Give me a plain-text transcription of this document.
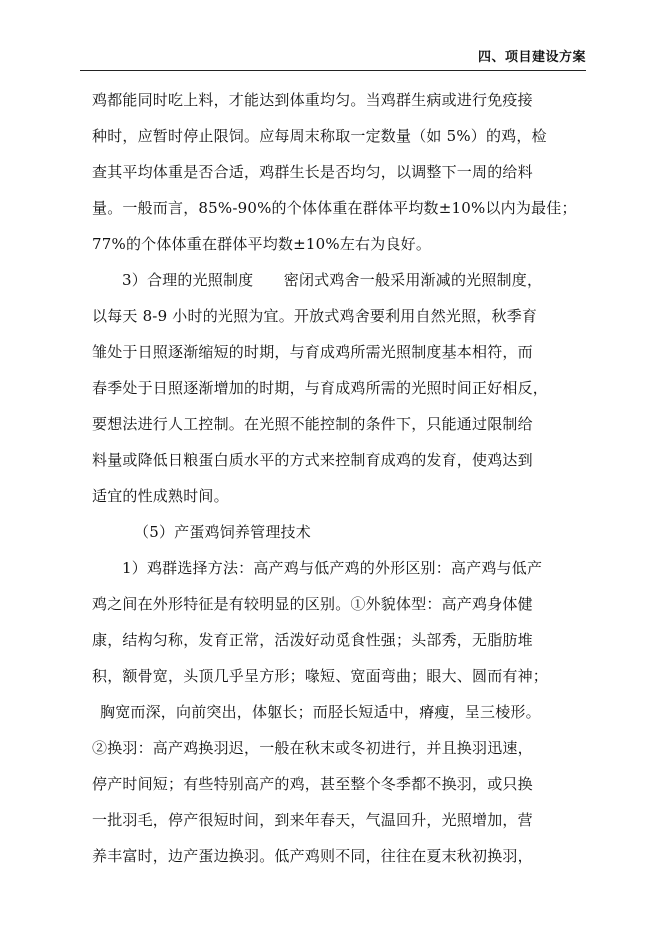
四、项目建设方案
鸡都能同时吃上料，才能达到体重均匀。当鸡群生病或进行免疫接
种时，应暂时停止限饲。应每周末称取一定数量（如 5%）的鸡，检
查其平均体重是否合适，鸡群生长是否均匀，以调整下一周的给料
量。一般而言，85%-90%的个体体重在群体平均数±10%以内为最佳；
77%的个体体重在群体平均数±10%左右为良好。
3）合理的光照制度　　密闭式鸡舍一般采用渐减的光照制度，
以每天 8-9 小时的光照为宜。开放式鸡舍要利用自然光照，秋季育
雏处于日照逐渐缩短的时期，与育成鸡所需光照制度基本相符，而
春季处于日照逐渐增加的时期，与育成鸡所需的光照时间正好相反，
要想法进行人工控制。在光照不能控制的条件下，只能通过限制给
料量或降低日粮蛋白质水平的方式来控制育成鸡的发育，使鸡达到
适宜的性成熟时间。
（5）产蛋鸡饲养管理技术
1）鸡群选择方法：高产鸡与低产鸡的外形区别：高产鸡与低产
鸡之间在外形特征是有较明显的区别。①外貌体型：高产鸡身体健
康，结构匀称，发育正常，活泼好动觅食性强；头部秀，无脂肪堆
积，额骨宽，头顶几乎呈方形；喙短、宽面弯曲；眼大、圆而有神；
胸宽而深，向前突出，体躯长；而胫长短适中，瘠瘦，呈三棱形。
②换羽：高产鸡换羽迟，一般在秋末或冬初进行，并且换羽迅速，
停产时间短；有些特别高产的鸡，甚至整个冬季都不换羽，或只换
一批羽毛，停产很短时间，到来年春天，气温回升，光照增加，营
养丰富时，边产蛋边换羽。低产鸡则不同，往往在夏末秋初换羽，
